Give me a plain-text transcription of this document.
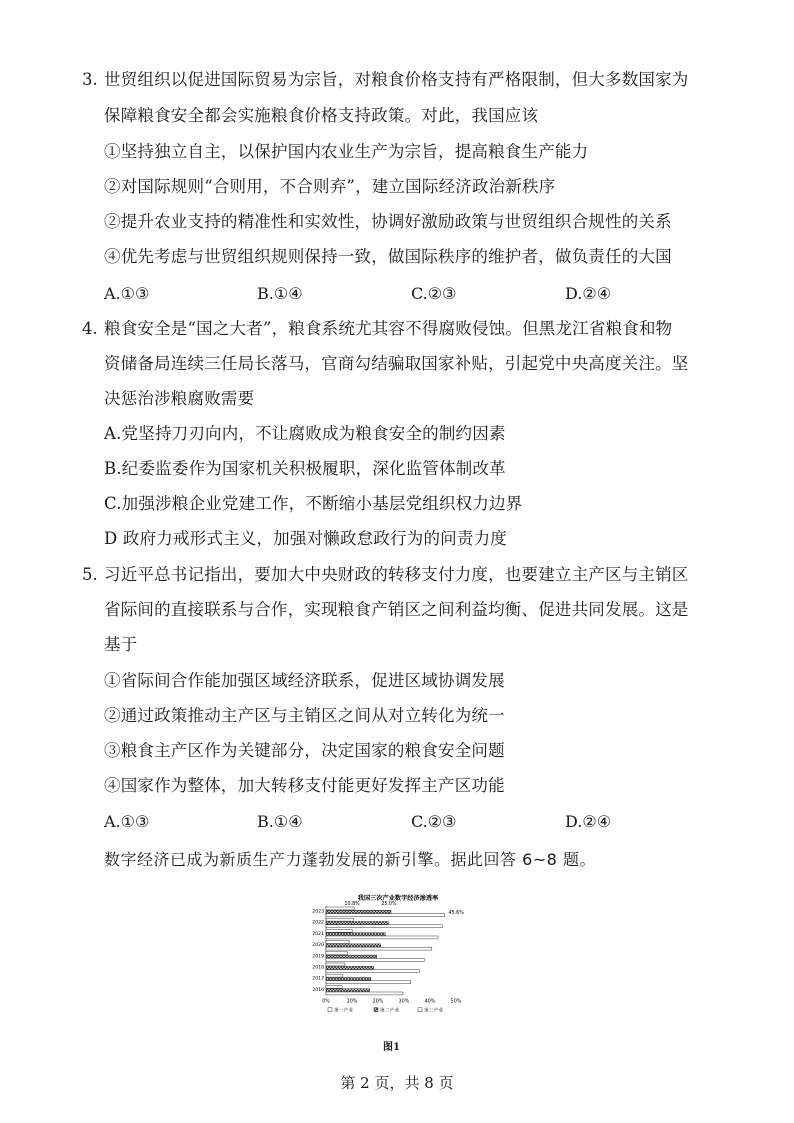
3. 世贸组织以促进国际贸易为宗旨，对粮食价格支持有严格限制，但大多数国家为
保障粮食安全都会实施粮食价格支持政策。对此，我国应该
①坚持独立自主，以保护国内农业生产为宗旨，提高粮食生产能力
②对国际规则“合则用，不合则弃”，建立国际经济政治新秩序
②提升农业支持的精准性和实效性，协调好激励政策与世贸组织合规性的关系
④优先考虑与世贸组织规则保持一致，做国际秩序的维护者，做负责任的大国
A.①③	B.①④	C.②③	D.②④
4. 粮食安全是“国之大者”，粮食系统尤其容不得腐败侵蚀。但黑龙江省粮食和物
资储备局连续三任局长落马，官商勾结骗取国家补贴，引起党中央高度关注。坚
决惩治涉粮腐败需要
A.党坚持刀刃向内，不让腐败成为粮食安全的制约因素
B.纪委监委作为国家机关积极履职，深化监管体制改革
C.加强涉粮企业党建工作，不断缩小基层党组织权力边界
D 政府力戒形式主义，加强对懒政怠政行为的问责力度
5. 习近平总书记指出，要加大中央财政的转移支付力度，也要建立主产区与主销区
省际间的直接联系与合作，实现粮食产销区之间利益均衡、促进共同发展。这是
基于
①省际间合作能加强区域经济联系，促进区域协调发展
②通过政策推动主产区与主销区之间从对立转化为统一
③粮食主产区作为关键部分，决定国家的粮食安全问题
④国家作为整体，加大转移支付能更好发挥主产区功能
A.①③	B.①④	C.②③	D.②④
数字经济已成为新质生产力蓬勃发展的新引擎。据此回答 6~8 题。
我国三次产业数字经济渗透率
2023
2022
2021
2020
2019
2018
2017
2016
10.8%	25.0%
45.6%
0%	10%	20%	30%	40%	50%
第一产业	第二产业	第三产业
图1
第 2 页，共 8 页
